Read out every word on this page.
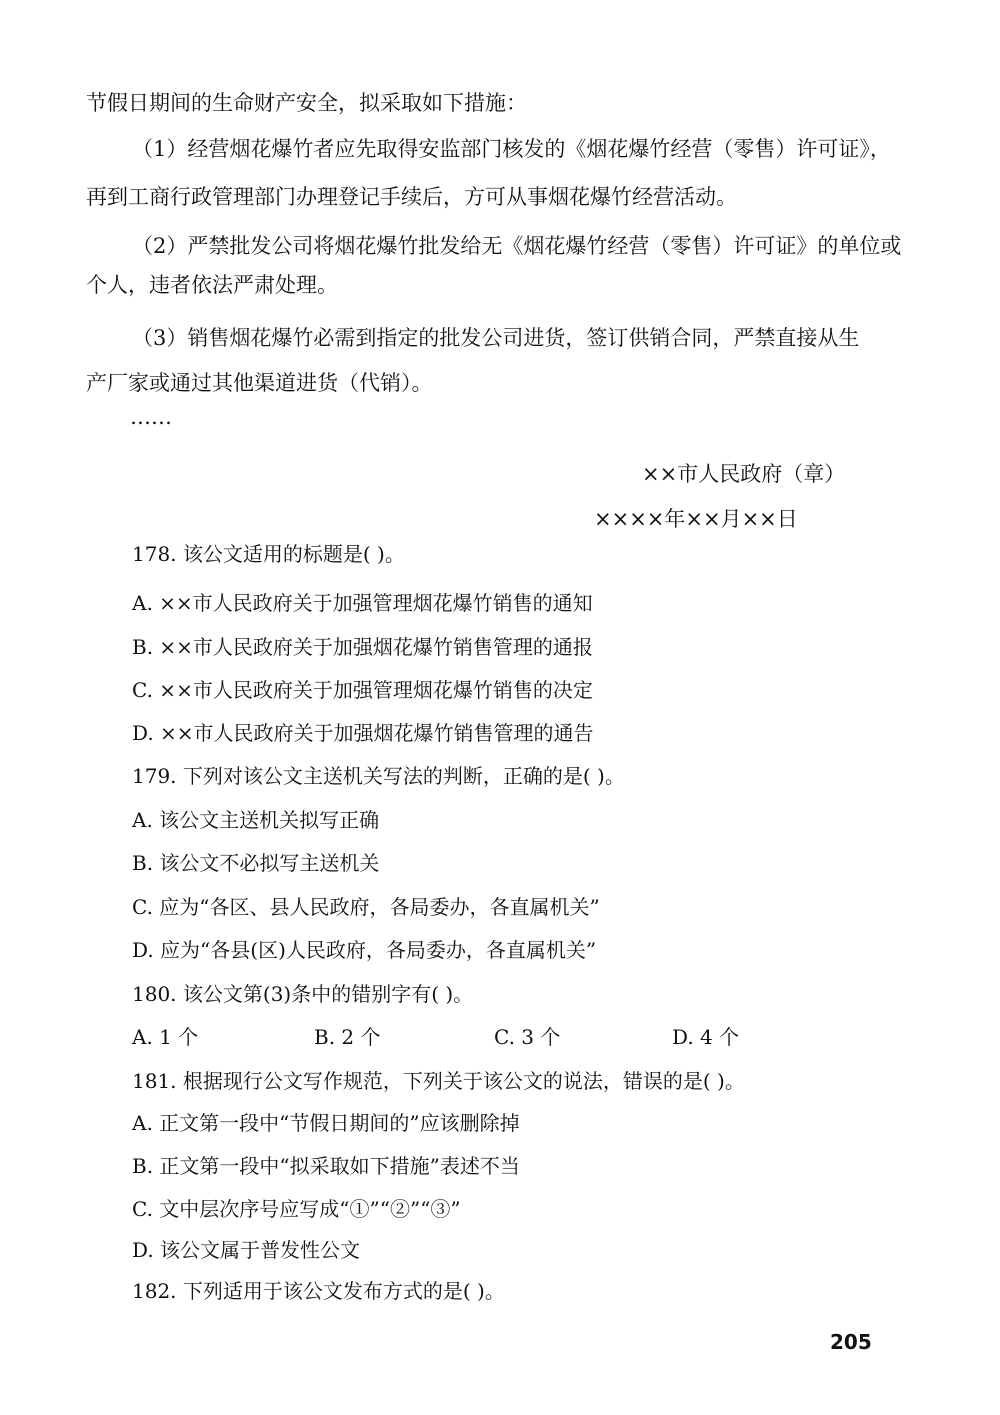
节假日期间的生命财产安全，拟采取如下措施：
（1）经营烟花爆竹者应先取得安监部门核发的《烟花爆竹经营（零售）许可证》，
再到工商行政管理部门办理登记手续后，方可从事烟花爆竹经营活动。
（2）严禁批发公司将烟花爆竹批发给无《烟花爆竹经营（零售）许可证》的单位或
个人，违者依法严肃处理。
（3）销售烟花爆竹必需到指定的批发公司进货，签订供销合同，严禁直接从生
产厂家或通过其他渠道进货（代销）。
……
××市人民政府（章）
××××年××月××日
178. 该公文适用的标题是( )。
A. ××市人民政府关于加强管理烟花爆竹销售的通知
B. ××市人民政府关于加强烟花爆竹销售管理的通报
C. ××市人民政府关于加强管理烟花爆竹销售的决定
D. ××市人民政府关于加强烟花爆竹销售管理的通告
179. 下列对该公文主送机关写法的判断，正确的是( )。
A. 该公文主送机关拟写正确
B. 该公文不必拟写主送机关
C. 应为“各区、县人民政府，各局委办，各直属机关”
D. 应为“各县(区)人民政府，各局委办，各直属机关”
180. 该公文第(3)条中的错别字有( )。
A. 1 个	B. 2 个	C. 3 个	D. 4 个
181. 根据现行公文写作规范，下列关于该公文的说法，错误的是( )。
A. 正文第一段中“节假日期间的”应该删除掉
B. 正文第一段中“拟采取如下措施”表述不当
C. 文中层次序号应写成“①”“②”“③”
D. 该公文属于普发性公文
182. 下列适用于该公文发布方式的是( )。
205
